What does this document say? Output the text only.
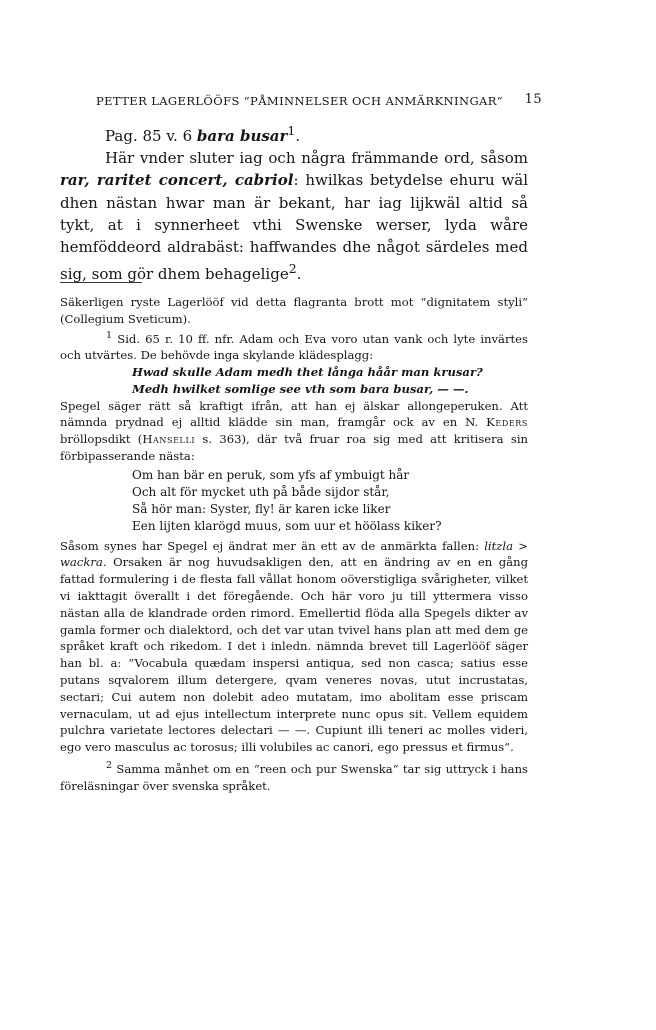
PETTER LAGERLÖÖFS “PÅMINNELSER OCH ANMÄRKNINGAR“ 15

Pag. 85 v. 6 bara busar$^1$.

Här vnder sluter iag och några främmande ord, såsom rar, raritet concert, cabriol: hwilkas betydelse ehuru wäl dhen nästan hwar man är bekant, har iag lijkwäl altid så tykt, at i synnerheet vthi Swenske werser, lyda wåre hemföddeord aldrabäst: haffwandes dhe något särdeles med sig, som gör dhem behagelige$^2$.

Säkerligen ryste Lagerlööf vid detta flagranta brott mot “dignitatem styli“ (Collegium Sveticum).

$^1$ Sid. 65 r. 10 ff. nfr. Adam och Eva voro utan vank och lyte invärtes och utvärtes. De behövde inga skylande klädesplagg:

Hwad skulle Adam medh thet långa håår man krusar?

Medh hwilket somlige see vth som bara busar, — —.

Spegel säger rätt så kraftigt ifrån, att han ej älskar allongeperuken. Att nämnda prydnad ej alltid klädde sin man, framgår ock av en N. Keders bröllopsdikt (Hanselli s. 363), där två fruar roa sig med att kritisera sin förbipasserande nästa:

Om han bär en peruk, som yfs af ymbuigt hår
Och alt för mycket uth på både sijdor står,
Så hör man: Syster, fly! är karen icke liker
Een lijten klarögd muus, som uur et höölass kiker?

Såsom synes har Spegel ej ändrat mer än ett av de anmärkta fallen: litzla > wackra. Orsaken är nog huvudsakligen den, att en ändring av en en gång fattad formulering i de flesta fall vållat honom oöverstigliga svårigheter, vilket vi iakttagit överallt i det föregående. Och här voro ju till yttermera visso nästan alla de klandrade orden rimord. Emellertid flöda alla Spegels dikter av gamla former och dialektord, och det var utan tvivel hans plan att med dem ge språket kraft och rikedom. I det i inledn. nämnda brevet till Lagerlööf säger han bl. a: “Vocabula quædam inspersi antiqua, sed non casca; satius esse putans sqvalorem illum detergere, qvam veneres novas, utut incrustatas, sectari; Cui autem non dolebit adeo mutatam, imo abolitam esse priscam vernaculam, ut ad ejus intellectum interprete nunc opus sit. Vellem equidem pulchra varietate lectores delectari — —. Cupiunt illi teneri ac molles videri, ego vero masculus ac torosus; illi volubiles ac canori, ego pressus et firmus“.

$^2$ Samma månhet om en “reen och pur Swenska“ tar sig uttryck i hans föreläsningar över svenska språket.
